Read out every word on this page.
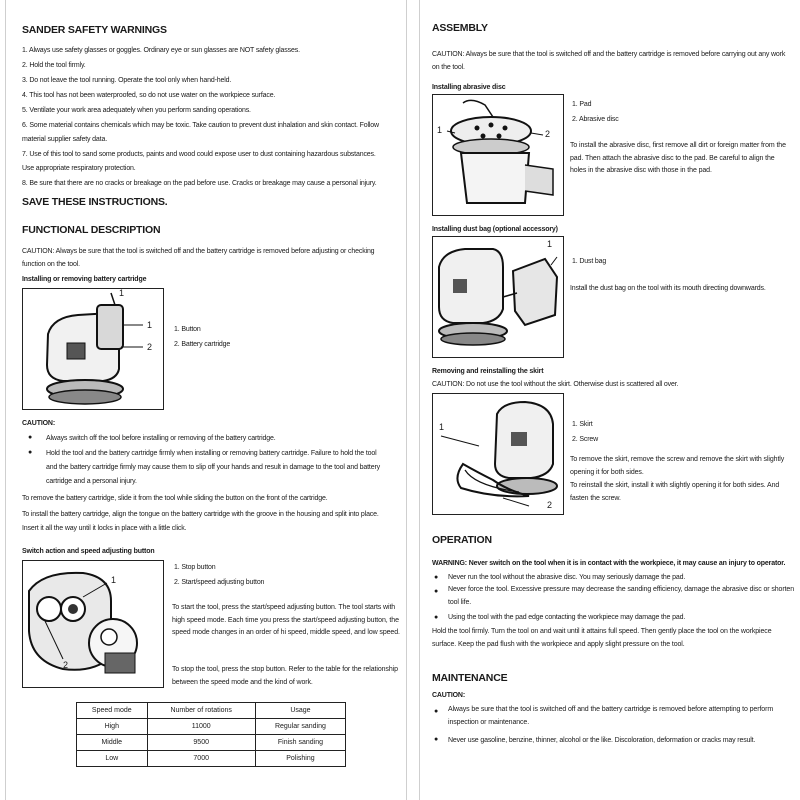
SANDER SAFETY WARNINGS
1. Always use safety glasses or goggles. Ordinary eye or sun glasses are NOT safety glasses.
2. Hold the tool firmly.
3. Do not leave the tool running. Operate the tool only when hand-held.
4. This tool has not been waterproofed, so do not use water on the workpiece surface.
5. Ventilate your work area adequately when you perform sanding operations.
6. Some material contains chemicals which may be toxic. Take caution to prevent dust inhalation and skin contact. Follow
material supplier safety data.
7. Use of this tool to sand some products, paints and wood could expose user to dust containing hazardous substances.
Use appropriate respiratory protection.
8. Be sure that there are no cracks or breakage on the pad before use. Cracks or breakage may cause a personal injury.
SAVE THESE INSTRUCTIONS.
FUNCTIONAL DESCRIPTION
CAUTION: Always be sure that the tool is switched off and the battery cartridge is removed before adjusting or checking
function on the tool.
Installing or removing battery cartridge
1
1
2
1. Button
2. Battery cartridge
CAUTION:
● Always switch off the tool before installing or removing of the battery cartridge.
● Hold the tool and the battery cartridge firmly when installing or removing battery cartridge. Failure to hold the tool
and the battery cartridge firmly may cause them to slip off your hands and result in damage to the tool and battery
cartridge and a personal injury.
To remove the battery cartridge, slide it from the tool while sliding the button on the front of the cartridge.
To install the battery cartridge, align the tongue on the battery cartridge with the groove in the housing and split into place.
Insert it all the way until it locks in place with a little click.
Switch action and speed adjusting button
1
2
1. Stop button
2. Start/speed adjusting button
To start the tool, press the start/speed adjusting button. The tool starts with high speed mode. Each time you press the start/speed adjusting button, the speed mode changes in an order of hi speed, middle speed, and low speed.
To stop the tool, press the stop button. Refer to the table for the relationship between the speed mode and the kind of work.
Speed mode	Number of rotations	Usage
High	11000	Regular sanding
Middle	9500	Finish sanding
Low	7000	Polishing
ASSEMBLY
CAUTION: Always be sure that the tool is switched off and the battery cartridge is removed before carrying out any work
on the tool.
Installing abrasive disc
1	2
1. Pad
2. Abrasive disc
To install the abrasive disc, first remove all dirt or foreign matter from the pad. Then attach the abrasive disc to the pad. Be careful to align the holes in the abrasive disc with those in the pad.
Installing dust bag (optional accessory)
1
1. Dust bag
Install the dust bag on the tool with its mouth directing downwards.
Removing and reinstalling the skirt
CAUTION: Do not use the tool without the skirt. Otherwise dust is scattered all over.
1
2
1. Skirt
2. Screw
To remove the skirt, remove the screw and remove the skirt with slightly opening it for both sides.
To reinstall the skirt, install it with slightly opening it for both sides. And fasten the screw.
OPERATION
WARNING: Never switch on the tool when it is in contact with the workpiece, it may cause an injury to operator.
● Never run the tool without the abrasive disc. You may seriously damage the pad.
● Never force the tool. Excessive pressure may decrease the sanding efficiency, damage the abrasive disc or shorten tool life.
● Using the tool with the pad edge contacting the workpiece may damage the pad.
Hold the tool firmly. Turn the tool on and wait until it attains full speed. Then gently place the tool on the workpiece surface. Keep the pad flush with the workpiece and apply slight pressure on the tool.
MAINTENANCE
CAUTION:
● Always be sure that the tool is switched off and the battery cartridge is removed before attempting to perform inspection or maintenance.
● Never use gasoline, benzine, thinner, alcohol or the like. Discoloration, deformation or cracks may result.
